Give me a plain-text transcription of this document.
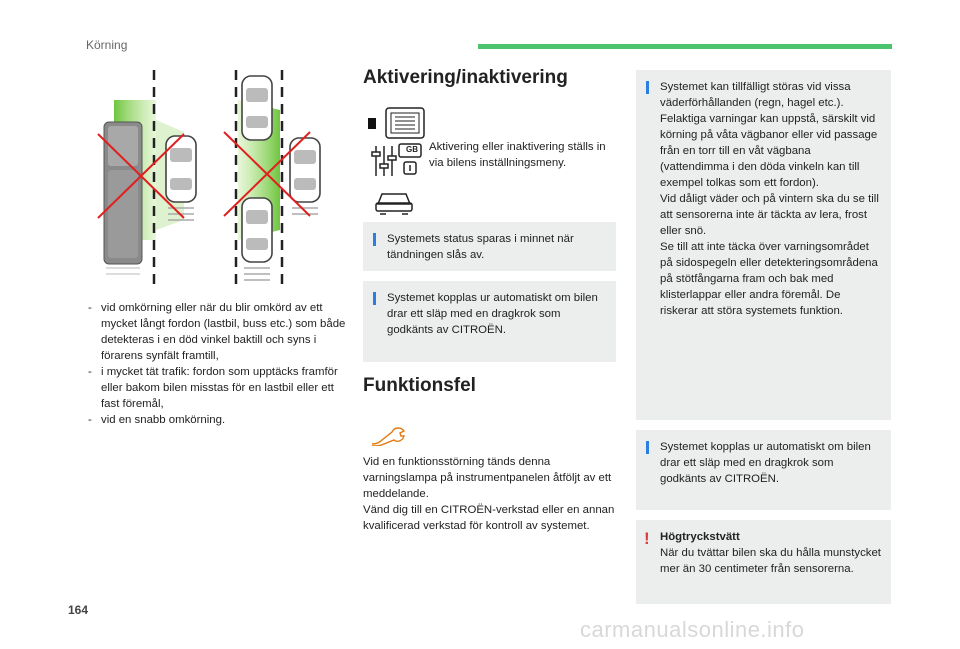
Körning
- vid omkörning eller när du blir omkörd av ett mycket långt fordon (lastbil, buss etc.) som både detekteras i en död vinkel baktill och syns i förarens synfält framtill,
- i mycket tät trafik: fordon som upptäcks framför eller bakom bilen misstas för en lastbil eller ett fast föremål,
- vid en snabb omkörning.
Aktivering/inaktivering
GB Aktivering eller inaktivering ställs in via bilens inställningsmeny.
Systemets status sparas i minnet när tändningen slås av.
Systemet kopplas ur automatiskt om bilen drar ett släp med en dragkrok som godkänts av CITROËN.
Funktionsfel
Vid en funktionsstörning tänds denna varningslampa på instrumentpanelen åtföljt av ett meddelande.
Vänd dig till en CITROËN-verkstad eller en annan kvalificerad verkstad för kontroll av systemet.
Systemet kan tillfälligt störas vid vissa väderförhållanden (regn, hagel etc.).
Felaktiga varningar kan uppstå, särskilt vid körning på våta vägbanor eller vid passage från en torr till en våt vägbana (vattendimma i den döda vinkeln kan till exempel tolkas som ett fordon).
Vid dåligt väder och på vintern ska du se till att sensorerna inte är täckta av lera, frost eller snö.
Se till att inte täcka över varningsområdet på sidospegeln eller detekteringsområdena på stötfångarna fram och bak med klisterlappar eller andra föremål. De riskerar att störa systemets funktion.
Systemet kopplas ur automatiskt om bilen drar ett släp med en dragkrok som godkänts av CITROËN.
! Högtryckstvätt
När du tvättar bilen ska du hålla munstycket mer än 30 centimeter från sensorerna.
164
carmanualsonline.info
